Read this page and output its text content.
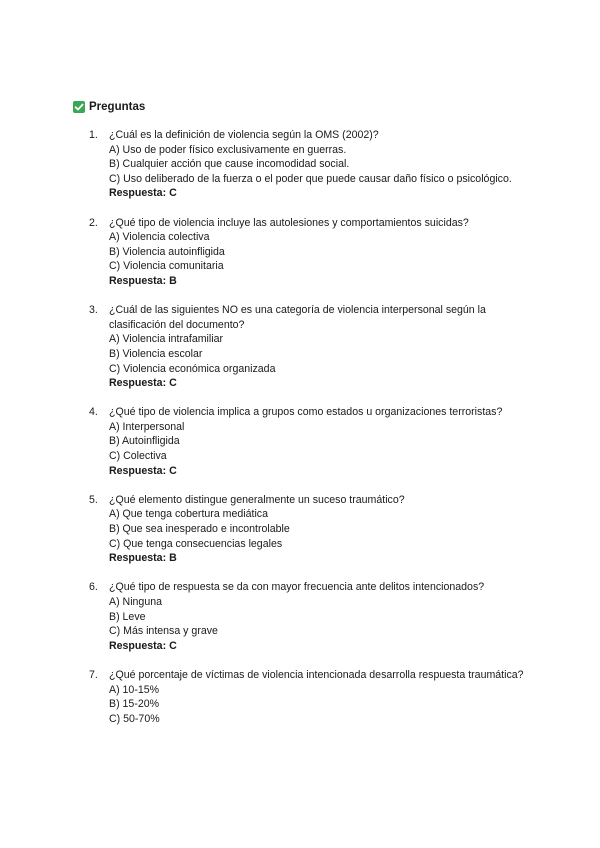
Preguntas
1.	¿Cuál es la definición de violencia según la OMS (2002)?
A) Uso de poder físico exclusivamente en guerras.
B) Cualquier acción que cause incomodidad social.
C) Uso deliberado de la fuerza o el poder que puede causar daño físico o psicológico.
Respuesta: C
2.	¿Qué tipo de violencia incluye las autolesiones y comportamientos suicidas?
A) Violencia colectiva
B) Violencia autoinfligida
C) Violencia comunitaria
Respuesta: B
3.	¿Cuál de las siguientes NO es una categoría de violencia interpersonal según la clasificación del documento?
A) Violencia intrafamiliar
B) Violencia escolar
C) Violencia económica organizada
Respuesta: C
4.	¿Qué tipo de violencia implica a grupos como estados u organizaciones terroristas?
A) Interpersonal
B) Autoinfligida
C) Colectiva
Respuesta: C
5.	¿Qué elemento distingue generalmente un suceso traumático?
A) Que tenga cobertura mediática
B) Que sea inesperado e incontrolable
C) Que tenga consecuencias legales
Respuesta: B
6.	¿Qué tipo de respuesta se da con mayor frecuencia ante delitos intencionados?
A) Ninguna
B) Leve
C) Más intensa y grave
Respuesta: C
7.	¿Qué porcentaje de víctimas de violencia intencionada desarrolla respuesta traumática?
A) 10-15%
B) 15-20%
C) 50-70%
